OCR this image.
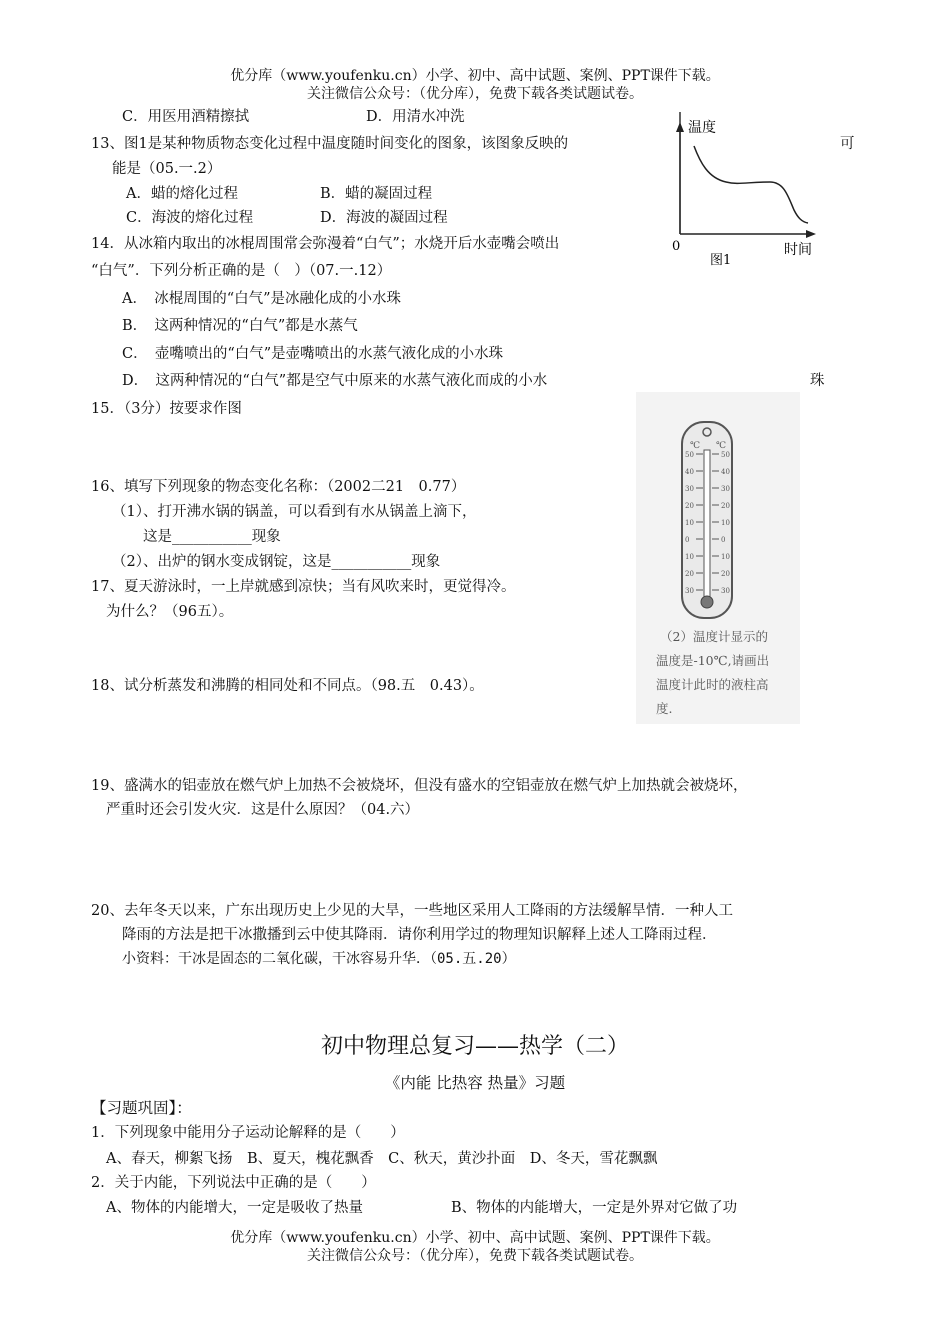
优分库（www.youfenku.cn）小学、初中、高中试题、案例、PPT课件下载。
关注微信公众号：（优分库），免费下载各类试题试卷。
C．用医用酒精擦拭	D．用清水冲洗
13、图1是某种物质物态变化过程中温度随时间变化的图象，该图象反映的	可
能是（05.一.2）
A．蜡的熔化过程	B．蜡的凝固过程
C．海波的熔化过程	D．海波的凝固过程
温度
时间
0
图1
14．从冰箱内取出的冰棍周围常会弥漫着“白气”；水烧开后水壶嘴会喷出
“白气”．下列分析正确的是（　）（07.一.12）
A．　冰棍周围的“白气”是冰融化成的小水珠
B．　这两种情况的“白气”都是水蒸气
C．　壶嘴喷出的“白气”是壶嘴喷出的水蒸气液化成的小水珠
D．　这两种情况的“白气”都是空气中原来的水蒸气液化而成的小水	珠
15．（3分）按要求作图
℃ ℃
50	50
40	40
30	30
20	20
10	10
0	0
10	10
20	20
30	30
（2）温度计显示的
温度是-10℃,请画出
温度计此时的液柱高
度.
16、填写下列现象的物态变化名称：（2002二21　0.77）
（1）、打开沸水锅的锅盖，可以看到有水从锅盖上滴下，
这是___________现象
（2）、出炉的钢水变成钢锭，这是___________现象
17、夏天游泳时，一上岸就感到凉快；当有风吹来时，更觉得冷。
为什么？（96五）。
18、试分析蒸发和沸腾的相同处和不同点。（98.五　0.43）。
19、盛满水的铝壶放在燃气炉上加热不会被烧坏，但没有盛水的空铝壶放在燃气炉上加热就会被烧坏，
严重时还会引发火灾．这是什么原因？（04.六）
20、去年冬天以来，广东出现历史上少见的大旱，一些地区采用人工降雨的方法缓解旱情．一种人工
降雨的方法是把干冰撒播到云中使其降雨．请你利用学过的物理知识解释上述人工降雨过程．
小资料：干冰是固态的二氧化碳，干冰容易升华．（05.五.20）
初中物理总复习——热学（二）
《内能 比热容 热量》习题
【习题巩固】：
1．下列现象中能用分子运动论解释的是（　　）
A、春天，柳絮飞扬　B、夏天，槐花飘香　C、秋天，黄沙扑面　D、冬天，雪花飘飘
2．关于内能，下列说法中正确的是（　　）
A、物体的内能增大，一定是吸收了热量	B、物体的内能增大，一定是外界对它做了功
优分库（www.youfenku.cn）小学、初中、高中试题、案例、PPT课件下载。
关注微信公众号：（优分库），免费下载各类试题试卷。
